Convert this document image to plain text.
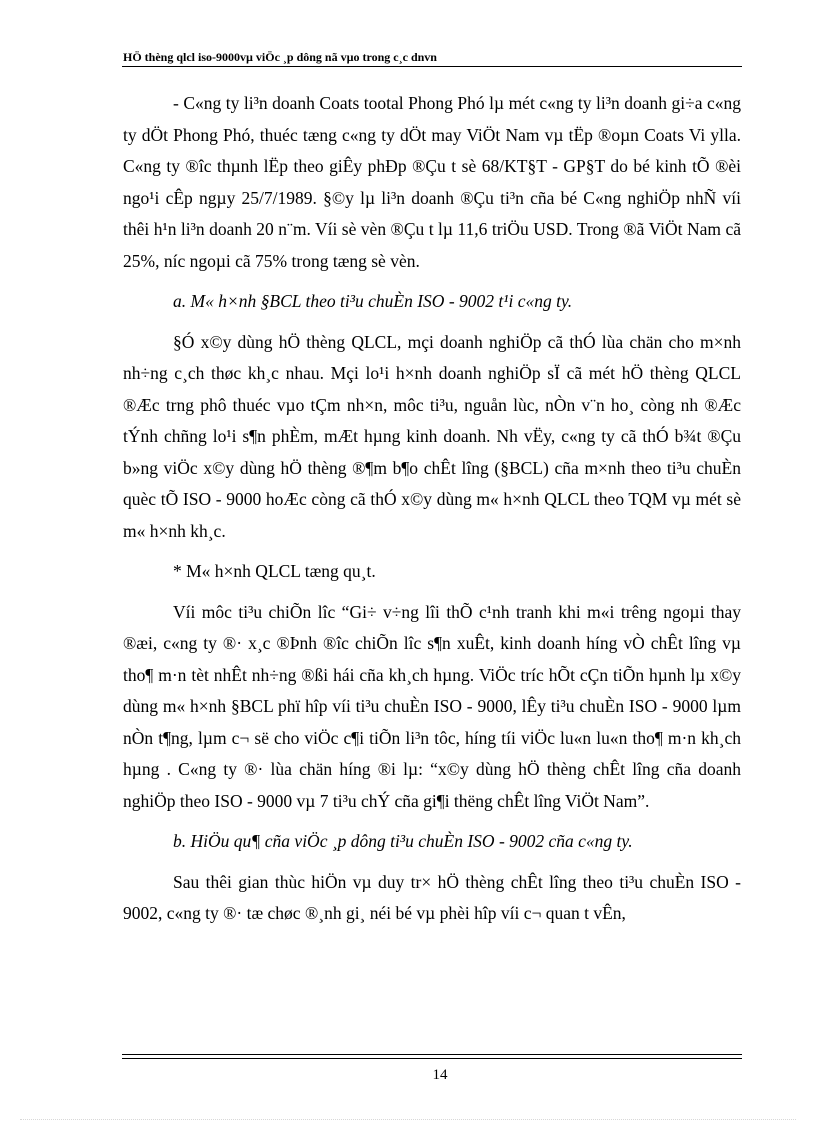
HÖ thèng qlcl iso-9000vµ viÖc ¸p dông nã vµo trong c¸c dnvn

- C«ng ty li³n doanh Coats tootal Phong Phó lµ mét c«ng ty li³n doanh gi÷a c«ng ty dÖt Phong Phó, thuéc tæng c«ng ty dÖt may ViÖt Nam vµ tËp ®oµn Coats Vi ylla. C«ng ty ®îc thµnh lËp theo giÊy phÐp ®Çu t sè 68/KT§T - GP§T do bé kinh tÕ ®èi ngo¹i cÊp ngµy 25/7/1989. §©y lµ li³n doanh ®Çu ti³n cña bé C«ng nghiÖp nhÑ víi thêi h¹n li³n doanh 20 n¨m. Víi sè vèn ®Çu t lµ 11,6 triÖu USD. Trong ®ã ViÖt Nam cã 25%, níc ngoµi cã 75% trong tæng sè vèn.

a. M« h×nh §BCL theo ti³u chuÈn ISO - 9002 t¹i c«ng ty.

§Ó x©y dùng hÖ thèng QLCL, mçi doanh nghiÖp cã thÓ lùa chän cho m×nh nh÷ng c¸ch thøc kh¸c nhau. Mçi lo¹i h×nh doanh nghiÖp sÏ cã mét hÖ thèng QLCL ®Æc trng phô thuéc vµo tÇm nh×n, môc ti³u, nguån lùc, nÒn v¨n ho¸ còng nh ®Æc tÝnh chñng lo¹i s¶n phÈm, mÆt hµng kinh doanh. Nh vËy, c«ng ty cã thÓ b¾t ®Çu b»ng viÖc x©y dùng hÖ thèng ®¶m b¶o chÊt lîng (§BCL) cña m×nh theo ti³u chuÈn quèc tÕ ISO - 9000 hoÆc còng cã thÓ x©y dùng m« h×nh QLCL theo TQM vµ mét sè m« h×nh kh¸c.

* M« h×nh QLCL tæng qu¸t.

Víi môc ti³u chiÕn lîc “Gi÷ v÷ng lîi thÕ c¹nh tranh khi m«i trêng ngoµi thay ®æi, c«ng ty ®· x¸c ®Þnh ®îc chiÕn lîc s¶n xuÊt, kinh doanh híng vÒ chÊt lîng vµ tho¶ m·n tèt nhÊt nh÷ng ®ßi hái cña kh¸ch hµng. ViÖc tríc hÕt cÇn tiÕn hµnh lµ x©y dùng m« h×nh §BCL phï hîp víi ti³u chuÈn ISO - 9000, lÊy ti³u chuÈn ISO - 9000 lµm nÒn t¶ng, lµm c¬ së cho viÖc c¶i tiÕn li³n tôc, híng tíi viÖc lu«n lu«n tho¶ m·n kh¸ch hµng . C«ng ty ®· lùa chän híng ®i lµ: “x©y dùng hÖ thèng chÊt lîng cña doanh nghiÖp theo ISO - 9000 vµ 7 ti³u chÝ cña gi¶i thëng chÊt lîng ViÖt Nam”.

b. HiÖu qu¶ cña viÖc ¸p dông ti³u chuÈn ISO - 9002 cña c«ng ty.

Sau thêi gian thùc hiÖn vµ duy tr× hÖ thèng chÊt lîng theo ti³u chuÈn ISO - 9002, c«ng ty ®· tæ chøc ®¸nh gi¸ néi bé vµ phèi hîp víi c¬ quan t vÊn,

14
